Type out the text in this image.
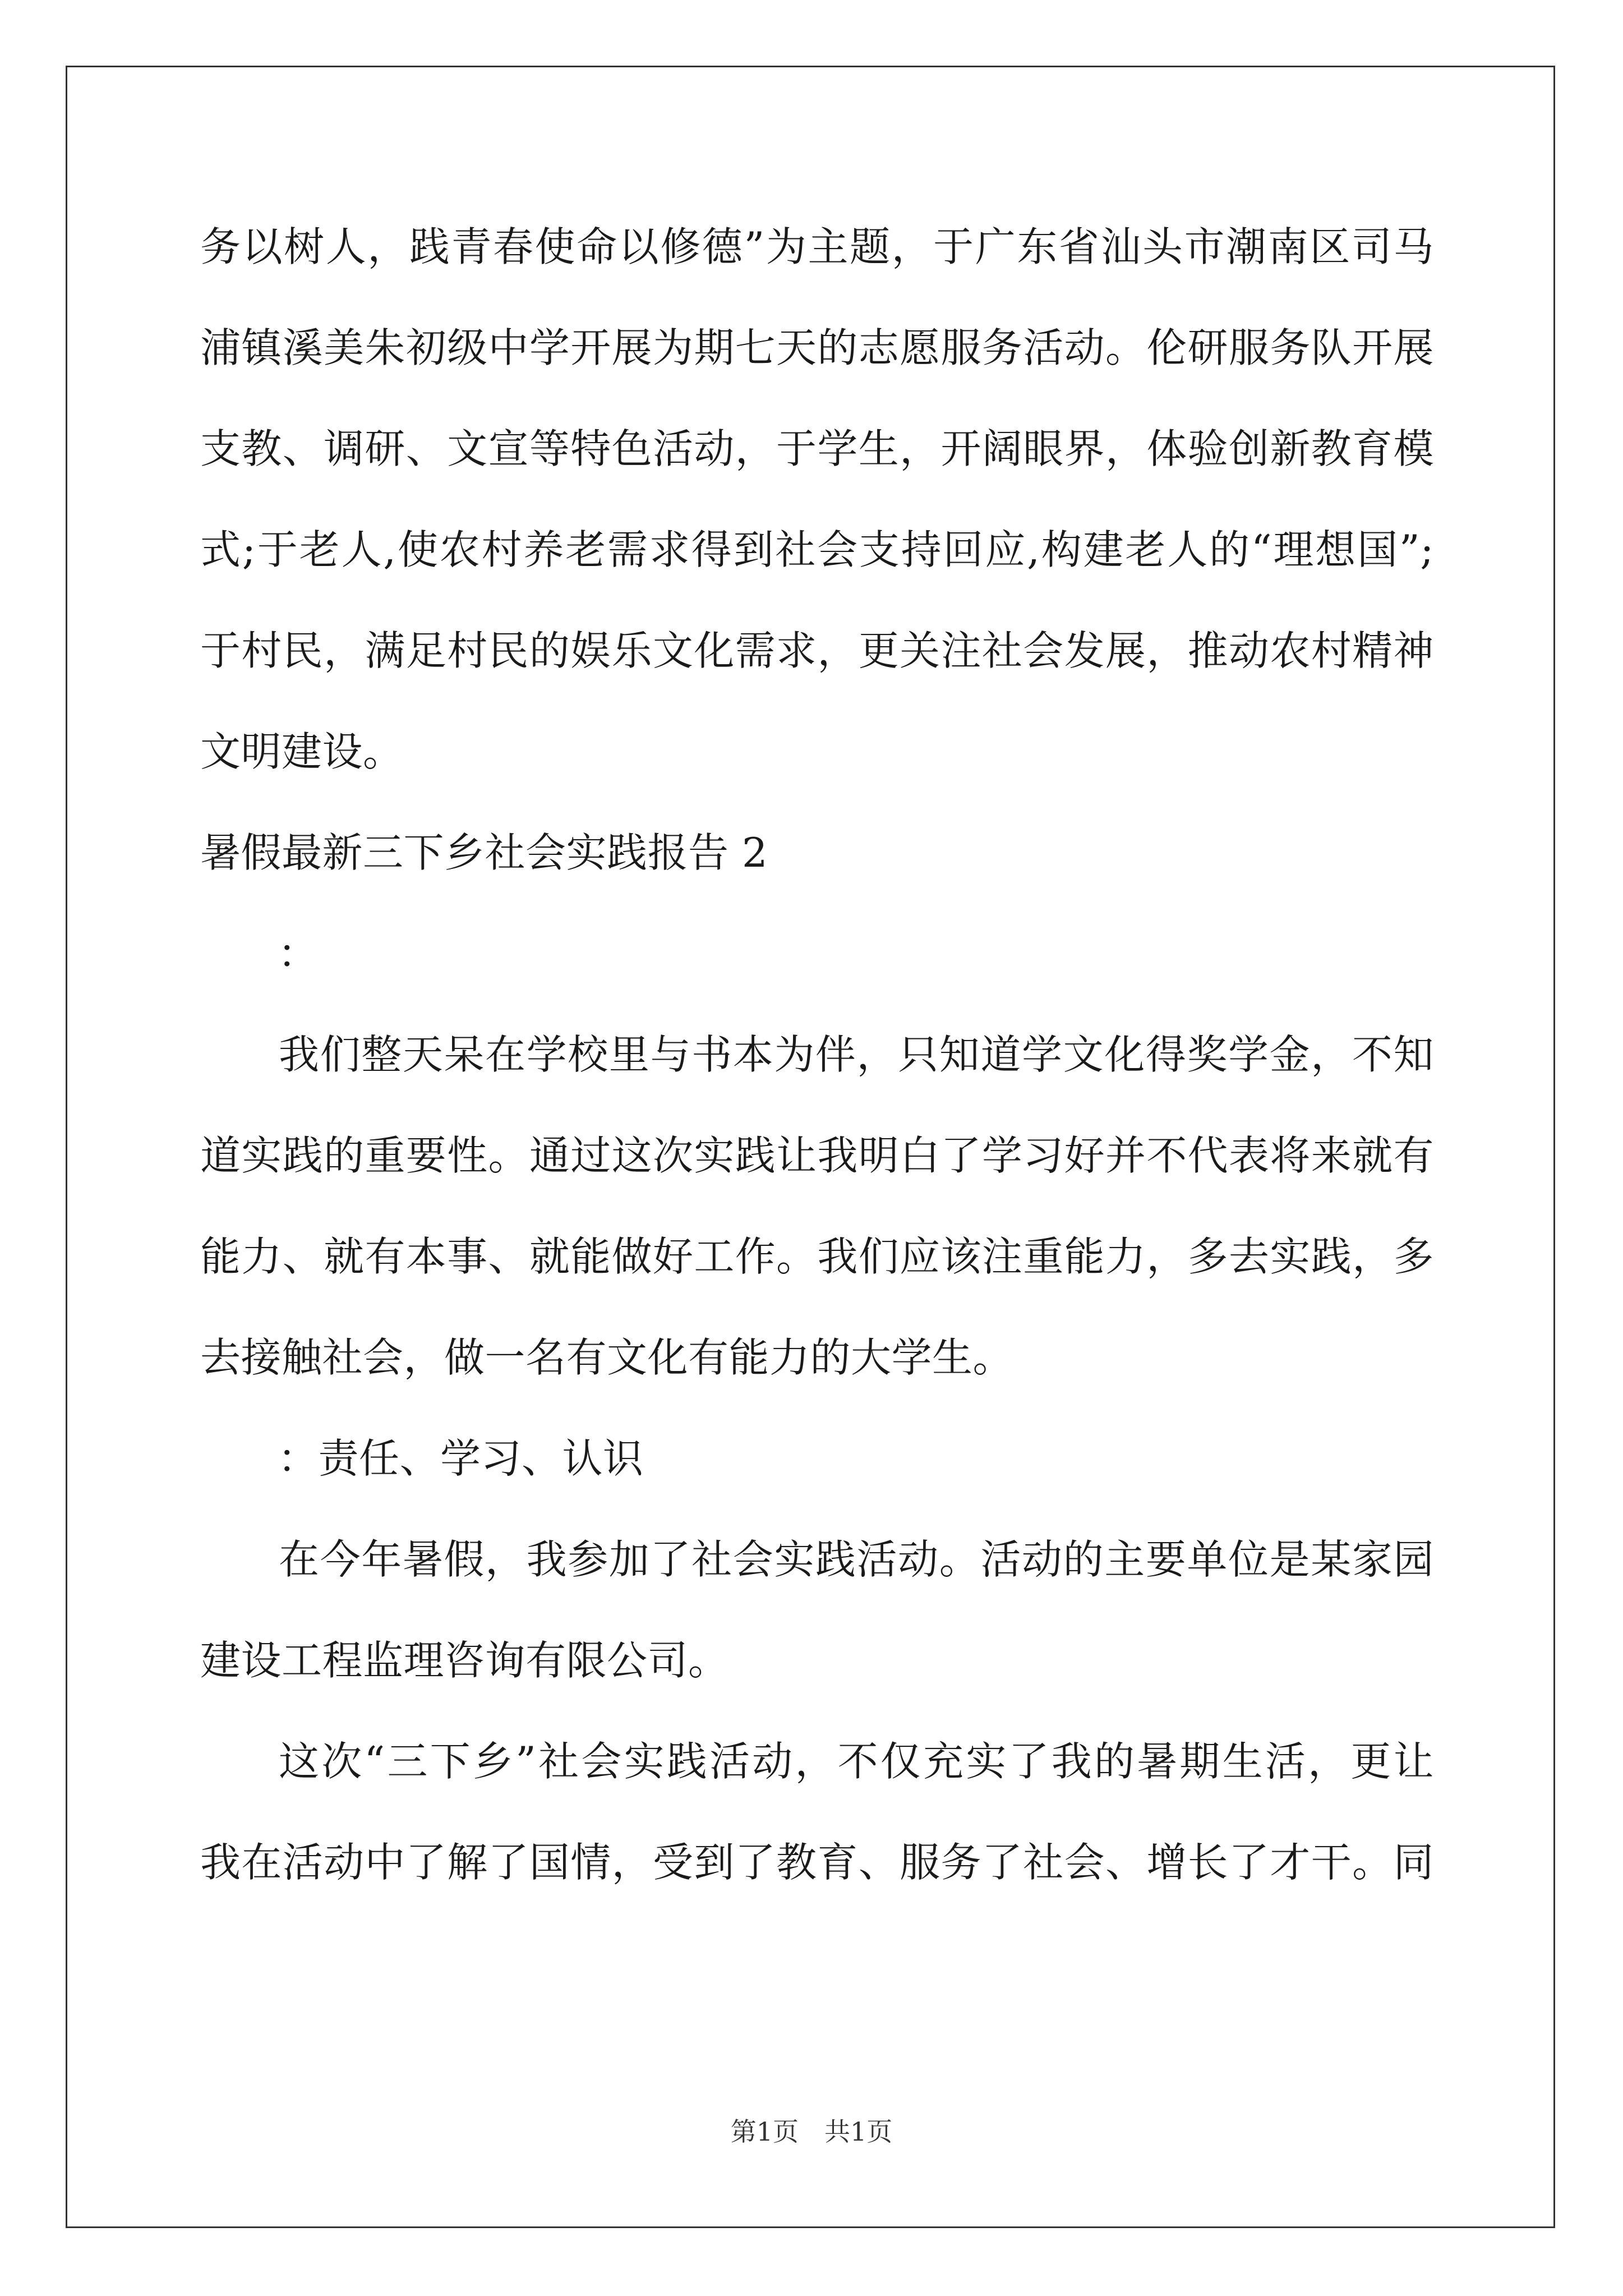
务以树人，践青春使命以修德”为主题，于广东省汕头市潮南区司马
浦镇溪美朱初级中学开展为期七天的志愿服务活动。伦研服务队开展
支教、调研、文宣等特色活动，于学生，开阔眼界，体验创新教育模
式;于老人,使农村养老需求得到社会支持回应,构建老人的“理想国”;
于村民，满足村民的娱乐文化需求，更关注社会发展，推动农村精神
文明建设。
暑假最新三下乡社会实践报告 2
：
我们整天呆在学校里与书本为伴，只知道学文化得奖学金，不知
道实践的重要性。通过这次实践让我明白了学习好并不代表将来就有
能力、就有本事、就能做好工作。我们应该注重能力，多去实践，多
去接触社会，做一名有文化有能力的大学生。
：责任、学习、认识
在今年暑假，我参加了社会实践活动。活动的主要单位是某家园
建设工程监理咨询有限公司。
这次“三下乡”社会实践活动，不仅充实了我的暑期生活，更让
我在活动中了解了国情，受到了教育、服务了社会、增长了才干。同
第1页　共1页
